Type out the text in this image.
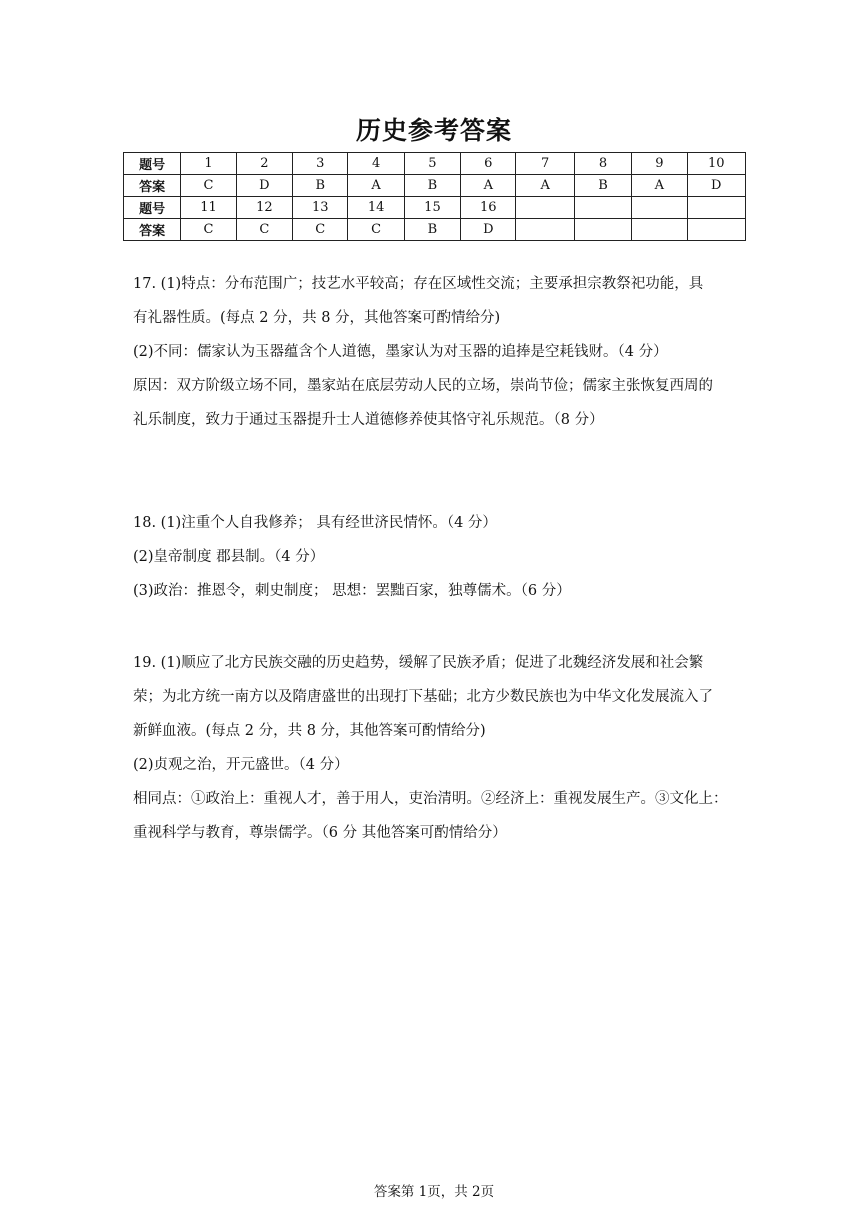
历史参考答案
题号	1	2	3	4	5	6	7	8	9	10
答案	C	D	B	A	B	A	A	B	A	D
题号	11	12	13	14	15	16				
答案	C	C	C	C	B	D				
17. (1)特点：分布范围广；技艺水平较高；存在区域性交流；主要承担宗教祭祀功能，具
有礼器性质。(每点 2 分，共 8 分，其他答案可酌情给分)
(2)不同：儒家认为玉器蕴含个人道德，墨家认为对玉器的追捧是空耗钱财。（4 分）
原因：双方阶级立场不同，墨家站在底层劳动人民的立场，崇尚节俭；儒家主张恢复西周的
礼乐制度，致力于通过玉器提升士人道德修养使其恪守礼乐规范。（8 分）
18. (1)注重个人自我修养； 具有经世济民情怀。（4 分）
(2)皇帝制度 郡县制。（4 分）
(3)政治：推恩令，刺史制度； 思想：罢黜百家，独尊儒术。（6 分）
19. (1)顺应了北方民族交融的历史趋势，缓解了民族矛盾；促进了北魏经济发展和社会繁
荣；为北方统一南方以及隋唐盛世的出现打下基础；北方少数民族也为中华文化发展流入了
新鲜血液。(每点 2 分，共 8 分，其他答案可酌情给分)
(2)贞观之治，开元盛世。（4 分）
相同点：①政治上：重视人才，善于用人，吏治清明。②经济上：重视发展生产。③文化上：
重视科学与教育，尊崇儒学。（6 分 其他答案可酌情给分）
答案第 1页，共 2页
